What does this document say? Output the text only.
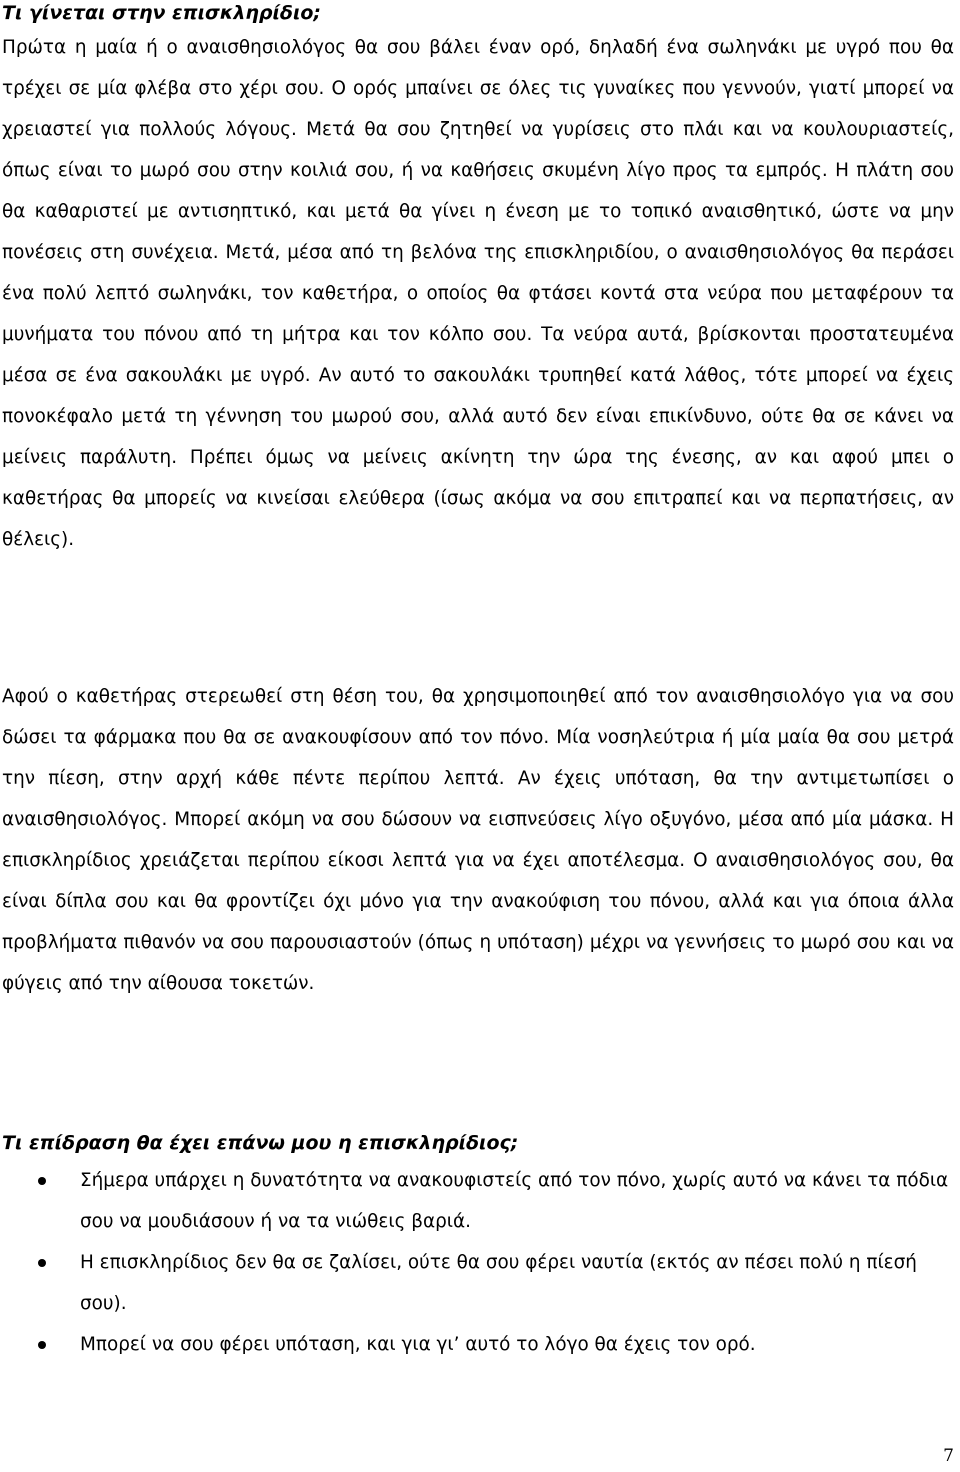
Τι γίνεται στην επισκληρίδιο;

Πρώτα η μαία ή ο αναισθησιολόγος θα σου βάλει έναν ορό, δηλαδή ένα σωληνάκι με υγρό που θα τρέχει σε μία φλέβα στο χέρι σου. Ο ορός μπαίνει σε όλες τις γυναίκες που γεννούν, γιατί μπορεί να χρειαστεί για πολλούς λόγους. Μετά θα σου ζητηθεί να γυρίσεις στο πλάι και να κουλουριαστείς, όπως είναι το μωρό σου στην κοιλιά σου, ή να καθήσεις σκυμένη λίγο προς τα εμπρός. Η πλάτη σου θα καθαριστεί με αντισηπτικό, και μετά θα γίνει η ένεση με το τοπικό αναισθητικό, ώστε να μην πονέσεις στη συνέχεια. Μετά, μέσα από τη βελόνα της επισκληριδίου, ο αναισθησιολόγος θα περάσει ένα πολύ λεπτό σωληνάκι, τον καθετήρα, ο οποίος θα φτάσει κοντά στα νεύρα που μεταφέρουν τα μυνήματα του πόνου από τη μήτρα και τον κόλπο σου. Τα νεύρα αυτά, βρίσκονται προστατευμένα μέσα σε ένα σακουλάκι με υγρό. Αν αυτό το σακουλάκι τρυπηθεί κατά λάθος, τότε μπορεί να έχεις πονοκέφαλο μετά τη γέννηση του μωρού σου, αλλά αυτό δεν είναι επικίνδυνο, ούτε θα σε κάνει να μείνεις παράλυτη. Πρέπει όμως να μείνεις ακίνητη την ώρα της ένεσης, αν και αφού μπει ο καθετήρας θα μπορείς να κινείσαι ελεύθερα (ίσως ακόμα να σου επιτραπεί και να περπατήσεις, αν θέλεις).

Αφού ο καθετήρας στερεωθεί στη θέση του, θα χρησιμοποιηθεί από τον αναισθησιολόγο για να σου δώσει τα φάρμακα που θα σε ανακουφίσουν από τον πόνο. Μία νοσηλεύτρια ή μία μαία θα σου μετρά την πίεση, στην αρχή κάθε πέντε περίπου λεπτά. Αν έχεις υπόταση, θα την αντιμετωπίσει ο αναισθησιολόγος. Μπορεί ακόμη να σου δώσουν να εισπνεύσεις λίγο οξυγόνο, μέσα από μία μάσκα. Η επισκληρίδιος χρειάζεται περίπου είκοσι λεπτά για να έχει αποτέλεσμα. Ο αναισθησιολόγος σου, θα είναι δίπλα σου και θα φροντίζει όχι μόνο για την ανακούφιση του πόνου, αλλά και για όποια άλλα προβλήματα πιθανόν να σου παρουσιαστούν (όπως η υπόταση) μέχρι να γεννήσεις το μωρό σου και να φύγεις από την αίθουσα τοκετών.

Τι επίδραση θα έχει επάνω μου η επισκληρίδιος;
Σήμερα υπάρχει η δυνατότητα να ανακουφιστείς από τον πόνο, χωρίς αυτό να κάνει τα πόδια σου να μουδιάσουν ή να τα νιώθεις βαριά.
Η επισκληρίδιος δεν θα σε ζαλίσει, ούτε θα σου φέρει ναυτία (εκτός αν πέσει πολύ η πίεσή σου).
Μπορεί να σου φέρει υπόταση, και για γι’ αυτό το λόγο θα έχεις τον ορό.
7
